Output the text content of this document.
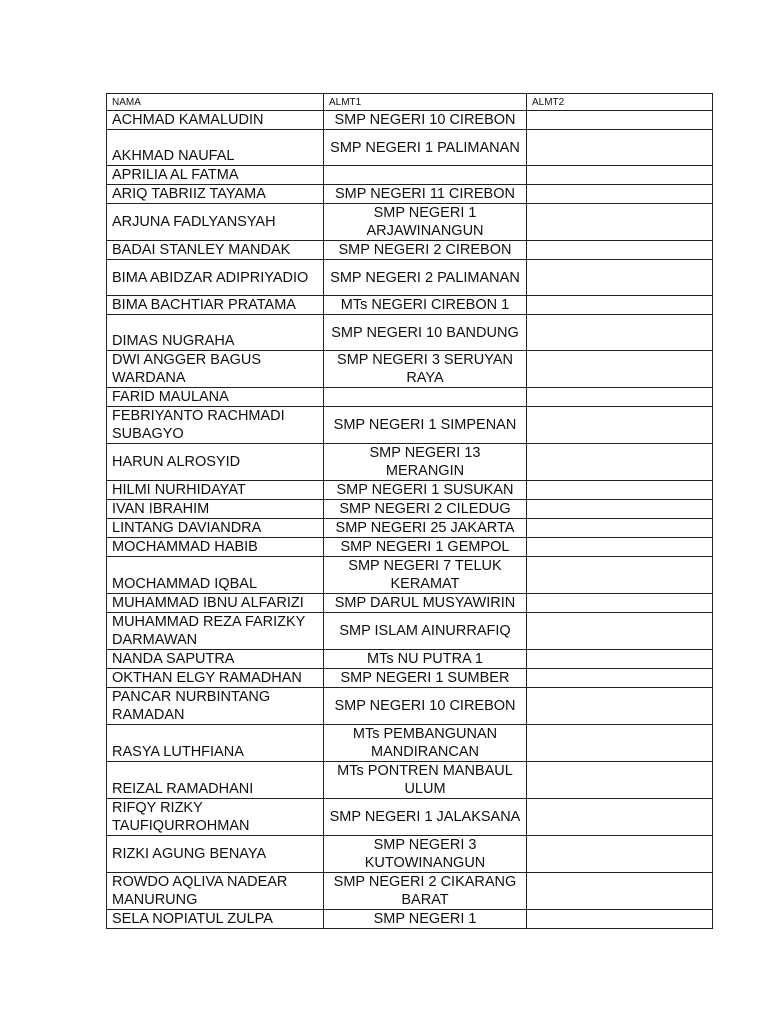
NAMA	ALMT1	ALMT2
ACHMAD KAMALUDIN	SMP NEGERI 10 CIREBON	
AKHMAD NAUFAL	SMP NEGERI 1 PALIMANAN	
APRILIA AL FATMA		
ARIQ TABRIIZ TAYAMA	SMP NEGERI 11 CIREBON	
ARJUNA FADLYANSYAH	SMP NEGERI 1 ARJAWINANGUN	
BADAI STANLEY MANDAK	SMP NEGERI 2 CIREBON	
BIMA ABIDZAR ADIPRIYADIO	SMP NEGERI 2 PALIMANAN	
BIMA BACHTIAR PRATAMA	MTs NEGERI CIREBON 1	
DIMAS NUGRAHA	SMP NEGERI 10 BANDUNG	
DWI ANGGER BAGUS WARDANA	SMP NEGERI 3 SERUYAN RAYA	
FARID MAULANA		
FEBRIYANTO RACHMADI SUBAGYO	SMP NEGERI 1 SIMPENAN	
HARUN ALROSYID	SMP NEGERI 13 MERANGIN	
HILMI NURHIDAYAT	SMP NEGERI 1 SUSUKAN	
IVAN IBRAHIM	SMP NEGERI 2 CILEDUG	
LINTANG DAVIANDRA	SMP NEGERI 25 JAKARTA	
MOCHAMMAD HABIB	SMP NEGERI 1 GEMPOL	
MOCHAMMAD IQBAL	SMP NEGERI 7 TELUK KERAMAT	
MUHAMMAD IBNU ALFARIZI	SMP DARUL MUSYAWIRIN	
MUHAMMAD REZA FARIZKY DARMAWAN	SMP ISLAM AINURRAFIQ	
NANDA SAPUTRA	MTs NU PUTRA 1	
OKTHAN ELGY RAMADHAN	SMP NEGERI 1 SUMBER	
PANCAR NURBINTANG RAMADAN	SMP NEGERI 10 CIREBON	
RASYA LUTHFIANA	MTs PEMBANGUNAN MANDIRANCAN	
REIZAL RAMADHANI	MTs PONTREN MANBAUL ULUM	
RIFQY RIZKY TAUFIQURROHMAN	SMP NEGERI 1 JALAKSANA	
RIZKI AGUNG BENAYA	SMP NEGERI 3 KUTOWINANGUN	
ROWDO AQLIVA NADEAR MANURUNG	SMP NEGERI 2 CIKARANG BARAT	
SELA NOPIATUL ZULPA	SMP NEGERI 1	
